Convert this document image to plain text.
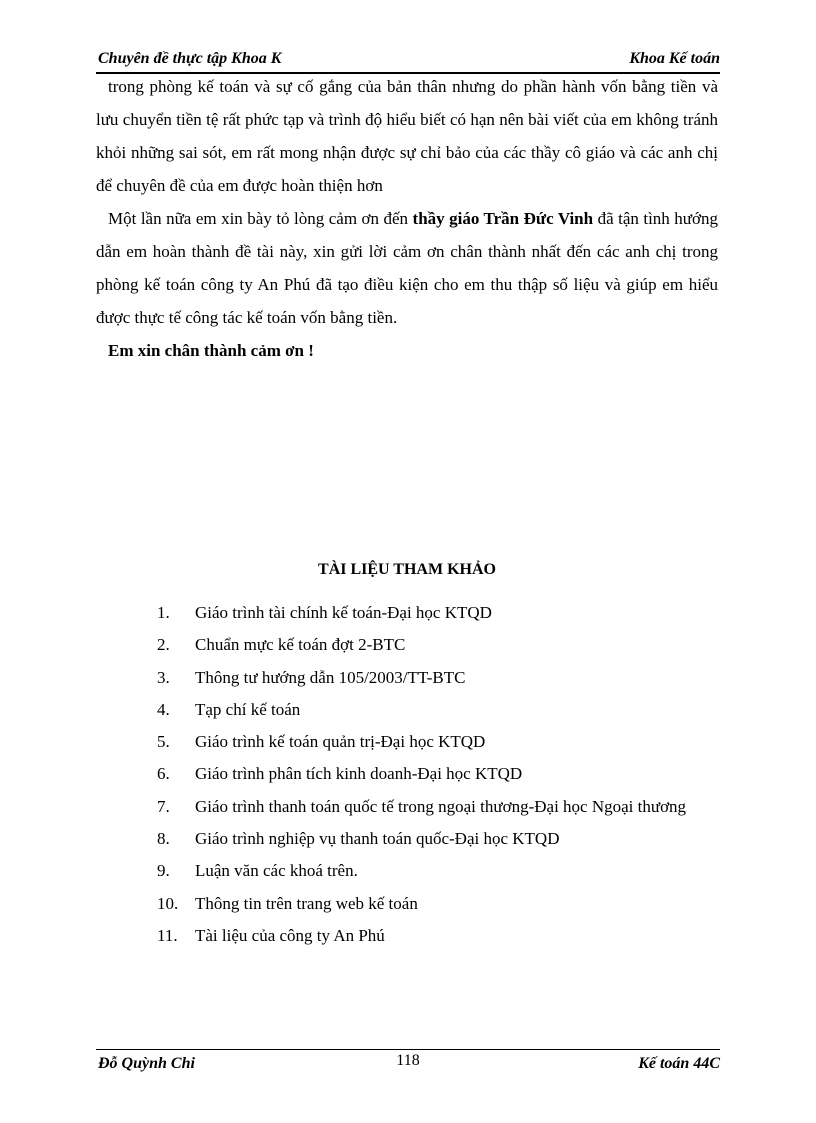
Chuyên đề thực tập Khoa K	Khoa Kế toán

trong phòng kế toán và sự cố gắng của bản thân nhưng do phần hành vốn bằng tiền và lưu chuyển tiền tệ rất phức tạp và trình độ hiểu biết có hạn nên bài viết của em không tránh khỏi những sai sót, em rất mong nhận được sự chỉ bảo của các thầy cô giáo và các anh chị để chuyên đề của em được hoàn thiện hơn

Một lần nữa em xin bày tỏ lòng cảm ơn đến thầy giáo Trần Đức Vinh đã tận tình hướng dẫn em hoàn thành đề tài này, xin gửi lời cảm ơn chân thành nhất đến các anh chị trong phòng kế toán công ty An Phú đã tạo điều kiện cho em thu thập số liệu và giúp em hiểu được thực tế công tác kế toán vốn bằng tiền.

Em xin chân thành cảm ơn !

TÀI LIỆU THAM KHẢO
1.	Giáo trình tài chính kế toán-Đại học KTQD
2.	Chuẩn mực kế toán đợt 2-BTC
3.	Thông tư hướng dẫn 105/2003/TT-BTC
4.	Tạp chí kế toán
5.	Giáo trình kế toán quản trị-Đại học KTQD
6.	Giáo trình phân tích kinh doanh-Đại học KTQD
7.	Giáo trình thanh toán quốc tế trong ngoại thương-Đại học Ngoại thương
8.	Giáo trình nghiệp vụ thanh toán quốc-Đại học KTQD
9.	Luận văn các khoá trên.
10. Thông tin trên trang web kế toán
11.	Tài liệu của công ty An Phú
Đỗ Quỳnh Chi	118	Kế toán 44C
